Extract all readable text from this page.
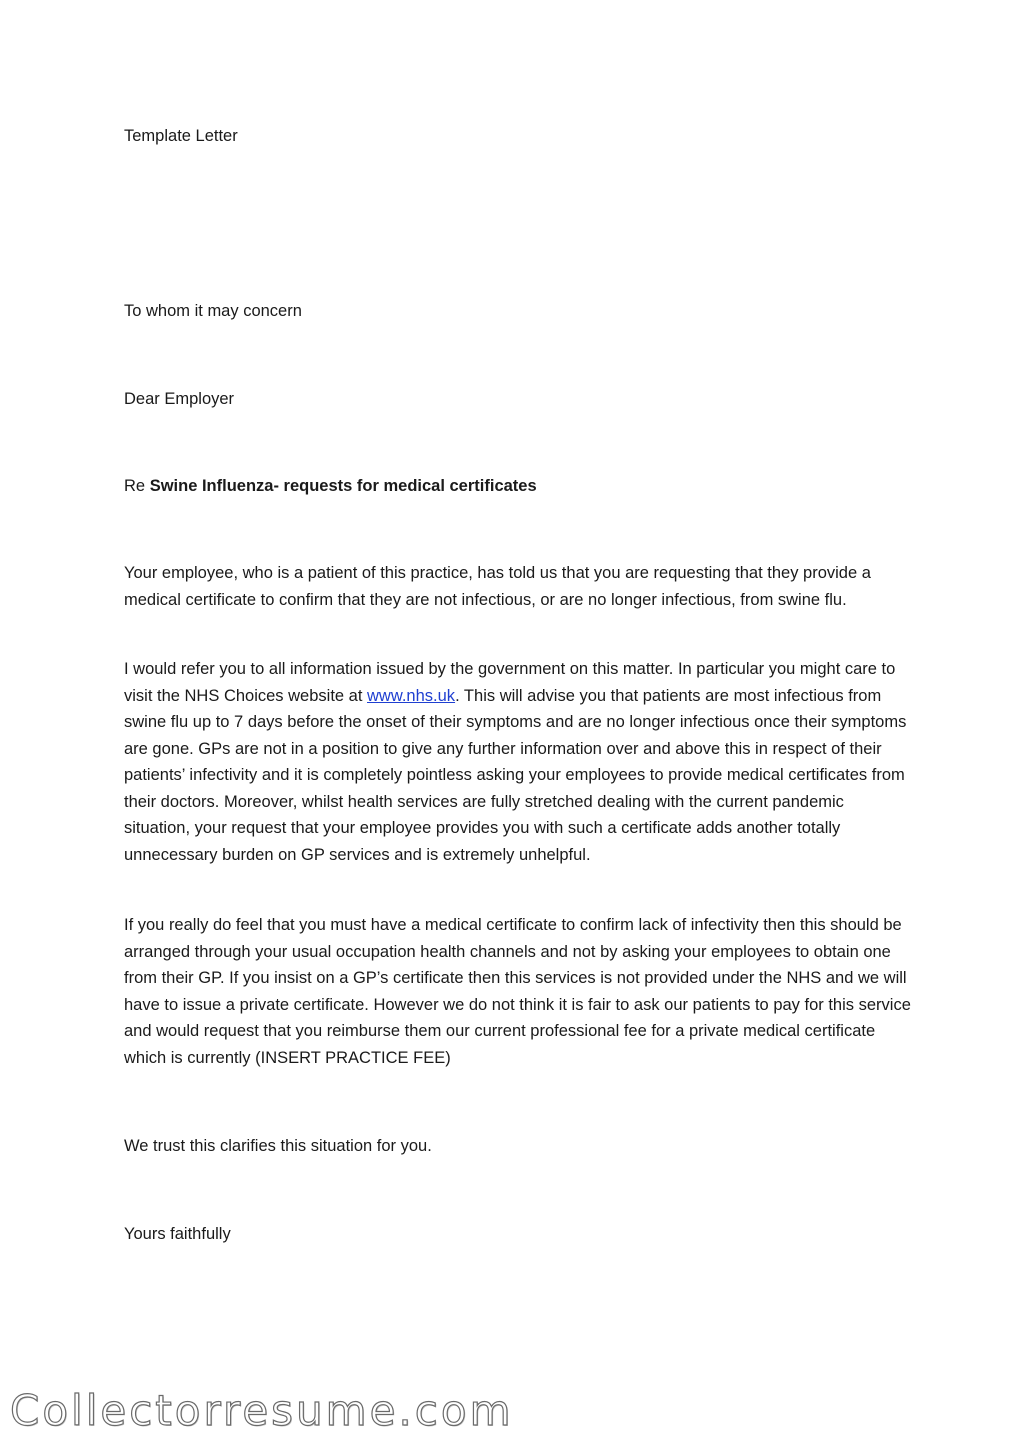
Template Letter
To whom it may concern
Dear Employer
Re Swine Influenza- requests for medical certificates

Your employee, who is a patient of this practice, has told us that you are requesting that they provide a medical certificate to confirm that they are not infectious, or are no longer infectious, from swine flu.

I would refer you to all information issued by the government on this matter. In particular you might care to visit the NHS Choices website at www.nhs.uk. This will advise you that patients are most infectious from swine flu up to 7 days before the onset of their symptoms and are no longer infectious once their symptoms are gone. GPs are not in a position to give any further information over and above this in respect of their patients’ infectivity and it is completely pointless asking your employees to provide medical certificates from their doctors. Moreover, whilst health services are fully stretched dealing with the current pandemic situation, your request that your employee provides you with such a certificate adds another totally unnecessary burden on GP services and is extremely unhelpful.

If you really do feel that you must have a medical certificate to confirm lack of infectivity then this should be arranged through your usual occupation health channels and not by asking your employees to obtain one from their GP. If you insist on a GP’s certificate then this services is not provided under the NHS and we will have to issue a private certificate. However we do not think it is fair to ask our patients to pay for this service and would request that you reimburse them our current professional fee for a private medical certificate which is currently (INSERT PRACTICE FEE)

We trust this clarifies this situation for you.
Yours faithfully
Collectorresume.com
